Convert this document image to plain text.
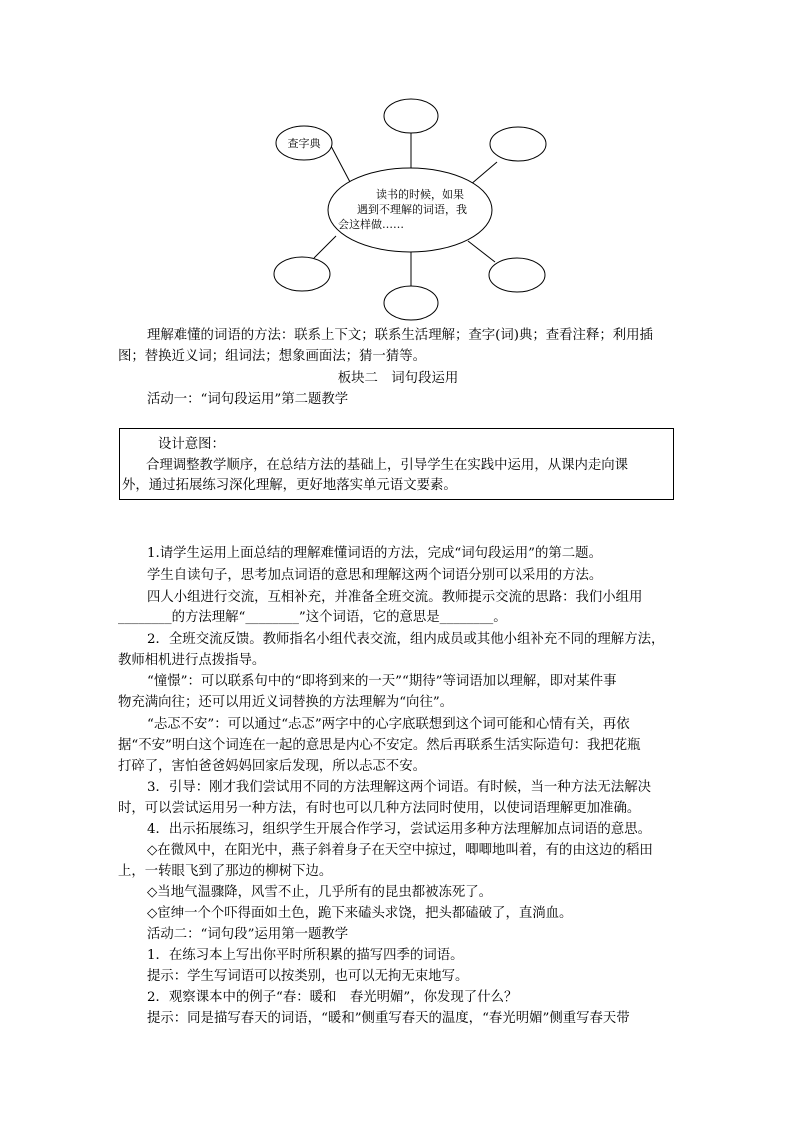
查字典
读书的时候，如果
遇到不理解的词语，我
会这样做……
理解难懂的词语的方法：联系上下文；联系生活理解；查字(词)典；查看注释；利用插
图；替换近义词；组词法；想象画面法；猜一猜等。
板块二　词句段运用
活动一：“词句段运用”第二题教学
设计意图：
合理调整教学顺序，在总结方法的基础上，引导学生在实践中运用，从课内走向课
外，通过拓展练习深化理解，更好地落实单元语文要素。
1.请学生运用上面总结的理解难懂词语的方法，完成“词句段运用”的第二题。
学生自读句子，思考加点词语的意思和理解这两个词语分别可以采用的方法。
四人小组进行交流，互相补充，并准备全班交流。教师提示交流的思路：我们小组用
________的方法理解“________”这个词语，它的意思是________。
2．全班交流反馈。教师指名小组代表交流，组内成员或其他小组补充不同的理解方法，
教师相机进行点拨指导。
“憧憬”：可以联系句中的“即将到来的一天”“期待”等词语加以理解，即对某件事
物充满向往；还可以用近义词替换的方法理解为“向往”。
“忐忑不安”：可以通过“忐忑”两字中的心字底联想到这个词可能和心情有关，再依
据“不安”明白这个词连在一起的意思是内心不安定。然后再联系生活实际造句：我把花瓶
打碎了，害怕爸爸妈妈回家后发现，所以忐忑不安。
3．引导：刚才我们尝试用不同的方法理解这两个词语。有时候，当一种方法无法解决
时，可以尝试运用另一种方法，有时也可以几种方法同时使用，以使词语理解更加准确。
4．出示拓展练习，组织学生开展合作学习，尝试运用多种方法理解加点词语的意思。
◇在微风中，在阳光中，燕子斜着身子在天空中掠过，唧唧地叫着，有的由这边的稻田
上，一转眼飞到了那边的柳树下边。
◇当地气温骤降，风雪不止，几乎所有的昆虫都被冻死了。
◇宦绅一个个吓得面如土色，跪下来磕头求饶，把头都磕破了，直淌血。
活动二：“词句段”运用第一题教学
1．在练习本上写出你平时所积累的描写四季的词语。
提示：学生写词语可以按类别，也可以无拘无束地写。
2．观察课本中的例子“春：暖和　春光明媚”，你发现了什么？
提示：同是描写春天的词语，“暖和”侧重写春天的温度，“春光明媚”侧重写春天带
